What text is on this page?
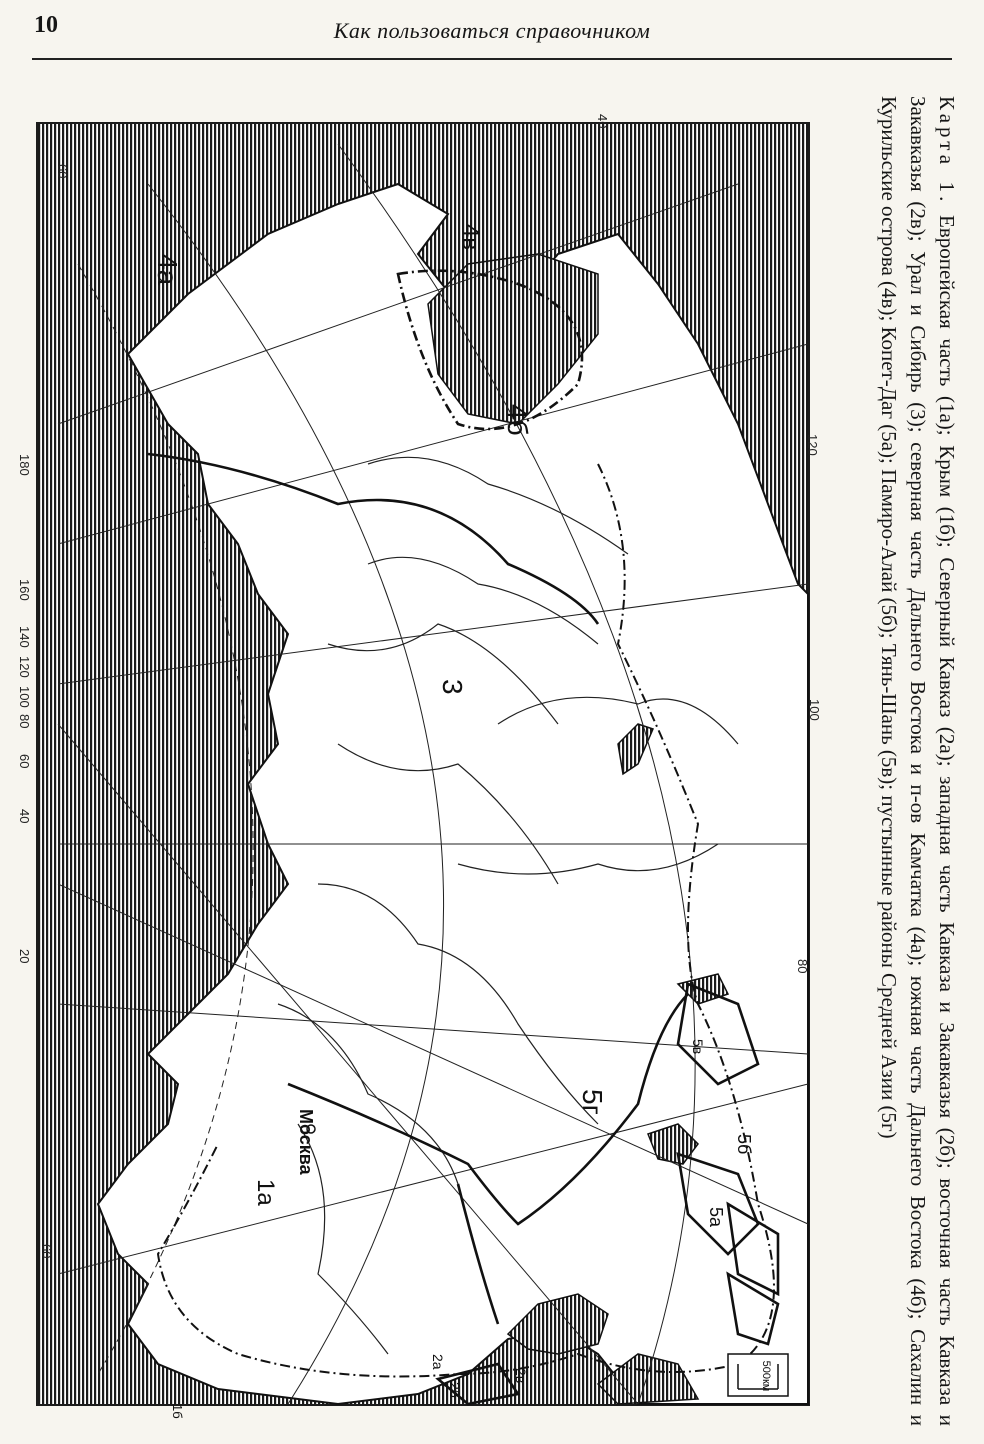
10	Как пользоваться справочником
500км
1а
1б
2а
2б
2в
3
4а
4б
4в
5а
5б
5в
5г
Москва
60
40
180
160
140
120
100
80
60
40
20
60
120
100
80
Карта 1. Европейская часть (1а); Крым (1б); Северный Кавказ (2а); западная часть Кавказа и Закавказья (2б); восточная часть Кавказа и Закавказья (2в); Урал и Сибирь (3); северная часть Дальнего Востока и п-ов Камчатка (4а); южная часть Дальнего Востока (4б); Сахалин и Курильские острова (4в); Копет-Даг (5а); Памиро-Алай (5б); Тянь-Шань (5в); пустынные районы Средней Азии (5г)
